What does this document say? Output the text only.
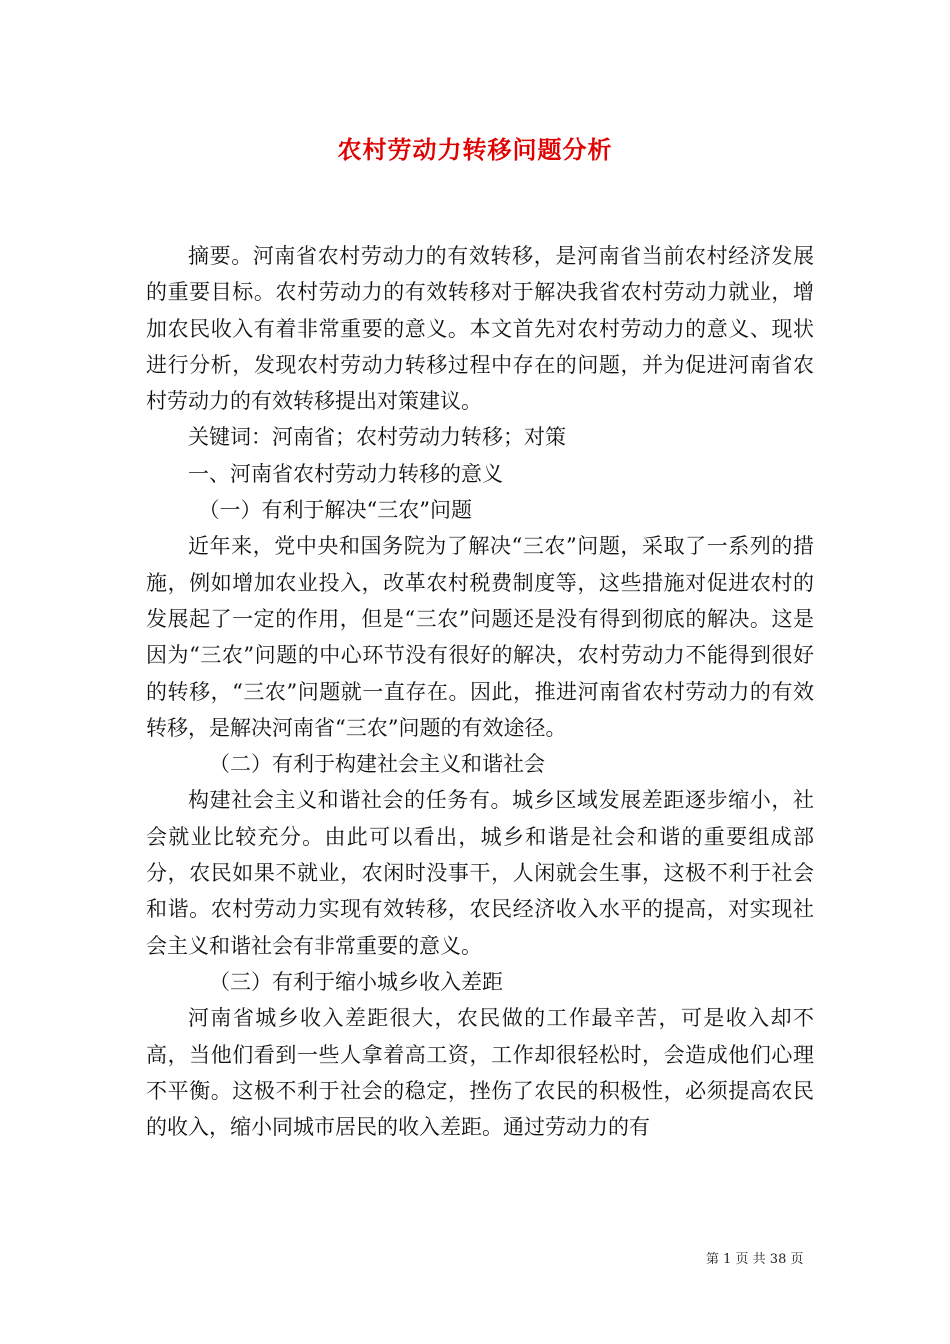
农村劳动力转移问题分析

摘要。河南省农村劳动力的有效转移，是河南省当前农村经济发展的重要目标。农村劳动力的有效转移对于解决我省农村劳动力就业，增加农民收入有着非常重要的意义。本文首先对农村劳动力的意义、现状进行分析，发现农村劳动力转移过程中存在的问题，并为促进河南省农村劳动力的有效转移提出对策建议。

关键词：河南省；农村劳动力转移；对策

一、河南省农村劳动力转移的意义

（一）有利于解决“三农”问题

近年来，党中央和国务院为了解决“三农”问题，采取了一系列的措施，例如增加农业投入，改革农村税费制度等，这些措施对促进农村的发展起了一定的作用，但是“三农”问题还是没有得到彻底的解决。这是因为“三农”问题的中心环节没有很好的解决，农村劳动力不能得到很好的转移，“三农”问题就一直存在。因此，推进河南省农村劳动力的有效转移，是解决河南省“三农”问题的有效途径。

（二）有利于构建社会主义和谐社会

构建社会主义和谐社会的任务有。城乡区域发展差距逐步缩小，社会就业比较充分。由此可以看出，城乡和谐是社会和谐的重要组成部分，农民如果不就业，农闲时没事干，人闲就会生事，这极不利于社会和谐。农村劳动力实现有效转移，农民经济收入水平的提高，对实现社会主义和谐社会有非常重要的意义。

（三）有利于缩小城乡收入差距

河南省城乡收入差距很大，农民做的工作最辛苦，可是收入却不高，当他们看到一些人拿着高工资，工作却很轻松时，会造成他们心理不平衡。这极不利于社会的稳定，挫伤了农民的积极性，必须提高农民的收入，缩小同城市居民的收入差距。通过劳动力的有

第 1 页 共 38 页
